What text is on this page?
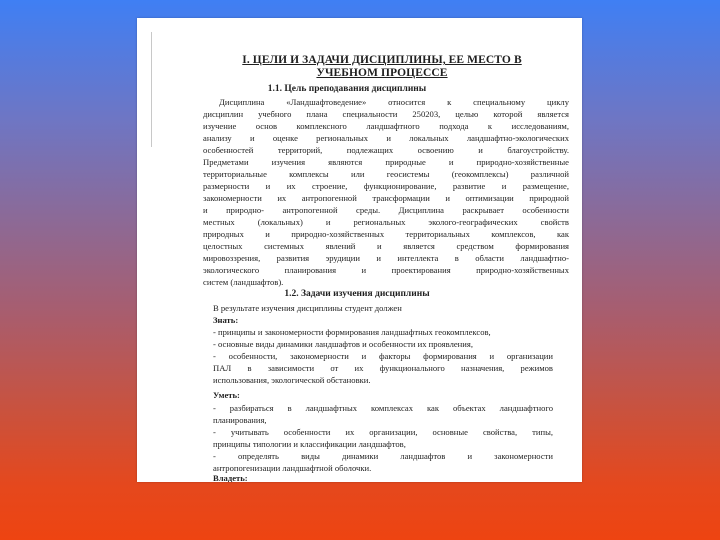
I. ЦЕЛИ И ЗАДАЧИ ДИСЦИПЛИНЫ, ЕЕ МЕСТО В
УЧЕБНОМ ПРОЦЕССЕ
1.1. Цель преподавания дисциплины
Дисциплина «Ландшафтоведение» относится к специальному циклу
дисциплин учебного плана специальности 250203, целью которой является
изучение основ комплексного ландшафтного подхода к исследованиям,
анализу и оценке региональных и локальных ландшафтно-экологических
особенностей территорий, подлежащих освоению и благоустройству.
Предметами изучения являются природные и природно-хозяйственные
территориальные комплексы или геосистемы (геокомплексы) различной
размерности и их строение, функционирование, развитие и размещение,
закономерности их антропогенной трансформации и оптимизации природной
и природно- антропогенной среды. Дисциплина раскрывает особенности
местных (локальных) и региональных эколого-географических свойств
природных и природно-хозяйственных территориальных комплексов, как
целостных системных явлений и является средством формирования
мировоззрения, развития эрудиции и интеллекта в области ландшафтно-
экологического планирования и проектирования природно-хозяйственных
систем (ландшафтов).
1.2. Задачи изучения дисциплины
В результате изучения дисциплины студент должен
Знать:
- принципы и закономерности формирования ландшафтных геокомплексов,
- основные виды динамики ландшафтов и особенности их проявления,
- особенности, закономерности и факторы формирования и организации
ПАЛ в зависимости от их функционального назначения, режимов
использования, экологической обстановки.
Уметь:
- разбираться в ландшафтных комплексах как объектах ландшафтного
планирования,
- учитывать особенности их организации, основные свойства, типы,
принципы типологии и классификации ландшафтов,
- определять виды динамики ландшафтов и закономерности
антропогенизации ландшафтной оболочки.
Владеть:
